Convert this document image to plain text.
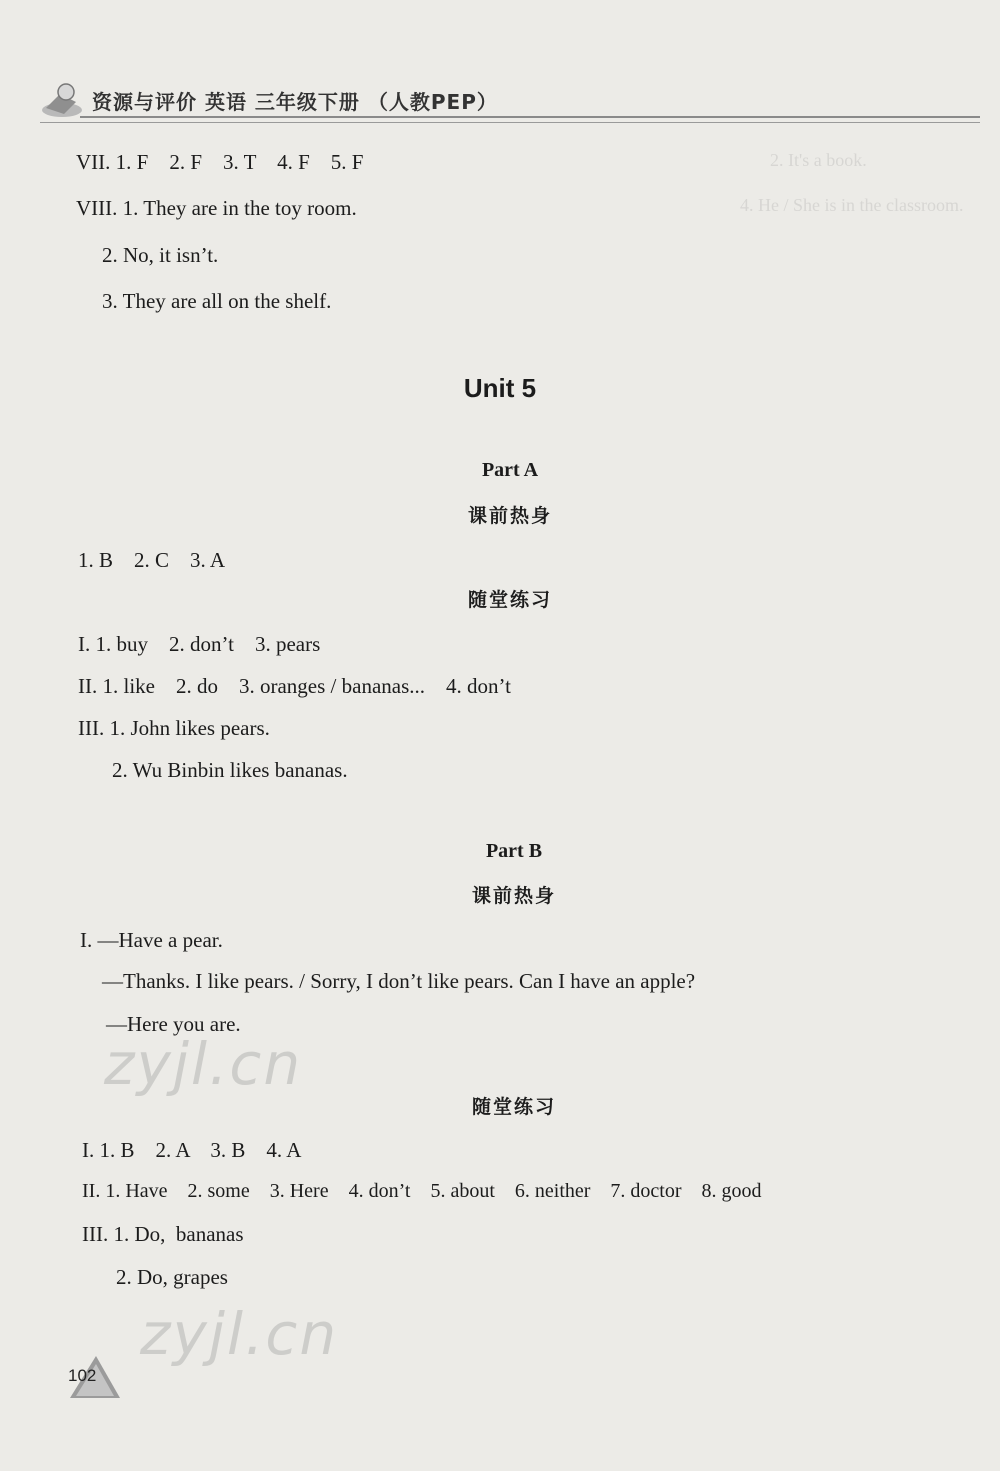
资源与评价 英语 三年级下册 （人教PEP）
2. It's a book.
4. He / She is in the classroom.
VII. 1. F    2. F    3. T    4. F    5. F
VIII. 1. They are in the toy room.
2. No, it isn’t.
3. They are all on the shelf.
Unit 5
Part A
课前热身
1. B    2. C    3. A
随堂练习
I. 1. buy    2. don’t    3. pears
II. 1. like    2. do    3. oranges / bananas...    4. don’t
III. 1. John likes pears.
2. Wu Binbin likes bananas.
Part B
课前热身
I. —Have a pear.
—Thanks. I like pears. / Sorry, I don’t like pears. Can I have an apple?
—Here you are.
zyjl.cn
随堂练习
I. 1. B    2. A    3. B    4. A
II. 1. Have    2. some    3. Here    4. don’t    5. about    6. neither    7. doctor    8. good
III. 1. Do,  bananas
2. Do, grapes
zyjl.cn
102
